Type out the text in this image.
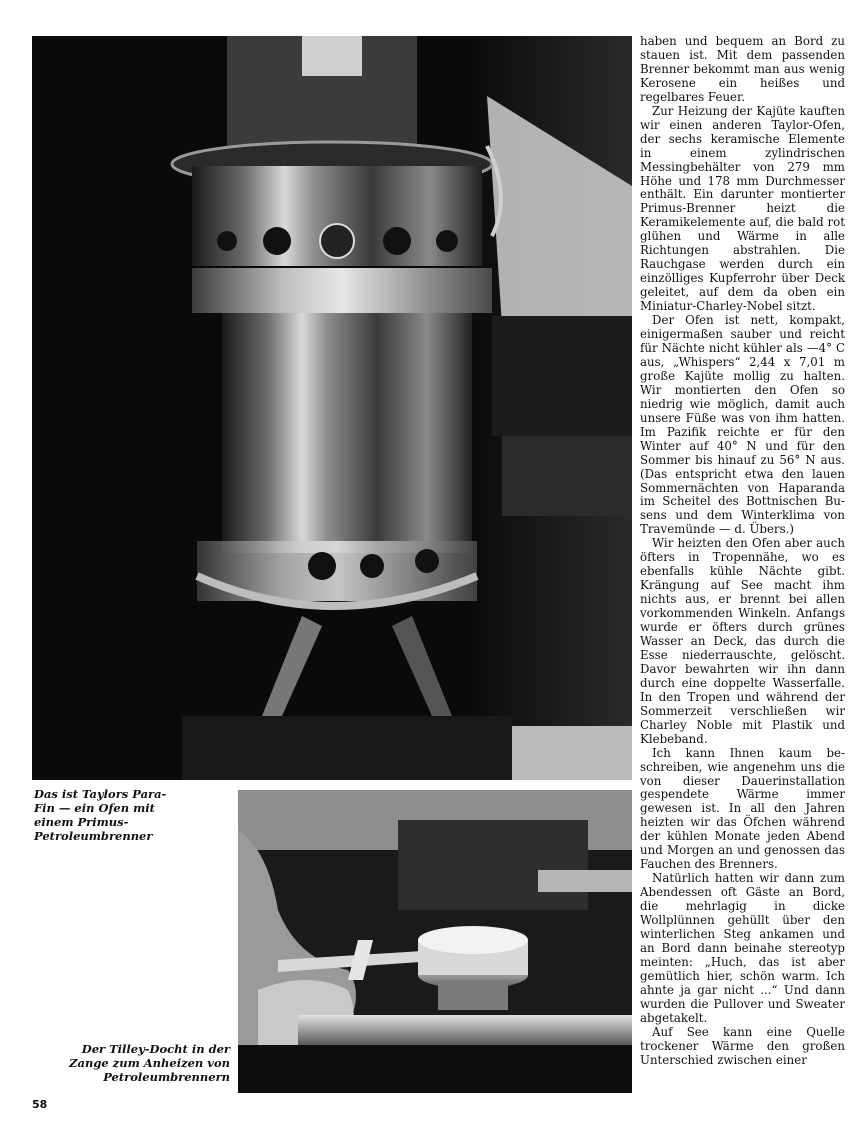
Das ist Taylors Para-Fin — ein Ofen mit einem Primus-Petroleumbrenner
Der Tilley-Docht in der Zange zum Anheizen von Petroleumbrennern

haben und bequem an Bord zu stauen ist. Mit dem passenden Brenner bekommt man aus wenig Kerosene ein heißes und regelbares Feuer.

Zur Heizung der Kajüte kauften wir einen anderen Taylor-Ofen, der sechs keramische Elemente in einem zylindrischen Messingbehälter von 279 mm Höhe und 178 mm Durchmesser enthält. Ein darunter montierter Primus-Brenner heizt die Keramikelemente auf, die bald rot glühen und Wärme in alle Richtungen abstrahlen. Die Rauchgase werden durch ein einzölliges Kupferrohr über Deck geleitet, auf dem da oben ein Miniatur-Charley-Nobel sitzt.

Der Ofen ist nett, kompakt, einigermaßen sauber und reicht für Nächte nicht kühler als —4° C aus, „Whispers“ 2,44 x 7,01 m große Kajüte mollig zu halten. Wir montierten den Ofen so niedrig wie möglich, damit auch unsere Füße was von ihm hatten. Im Pazifik reichte er für den Winter auf 40° N und für den Sommer bis hinauf zu 56° N aus. (Das entspricht etwa den lauen Sommernächten von Haparanda im Scheitel des Bottnischen Busens und dem Winterklima von Travemünde — d. Übers.)

Wir heizten den Ofen aber auch öfters in Tropennähe, wo es ebenfalls kühle Nächte gibt. Krängung auf See macht ihm nichts aus, er brennt bei allen vorkommenden Winkeln. Anfangs wurde er öfters durch grünes Wasser an Deck, das durch die Esse niederrauschte, gelöscht. Davor bewahrten wir ihn dann durch eine doppelte Wasserfalle. In den Tropen und während der Sommerzeit verschließen wir Charley Noble mit Plastik und Klebeband.

Ich kann Ihnen kaum beschreiben, wie angenehm uns die von dieser Dauerinstallation gespendete Wärme immer gewesen ist. In all den Jahren heizten wir das Öfchen während der kühlen Monate jeden Abend und Morgen an und genossen das Fauchen des Brenners.

Natürlich hatten wir dann zum Abendessen oft Gäste an Bord, die mehrlagig in dicke Wollplünnen gehüllt über den winterlichen Steg ankamen und an Bord dann beinahe stereotyp meinten: „Huch, das ist aber gemütlich hier, schön warm. Ich ahnte ja gar nicht ...“ Und dann wurden die Pullover und Sweater abgetakelt.

Auf See kann eine Quelle trockener Wärme den großen Unterschied zwischen einer

58
